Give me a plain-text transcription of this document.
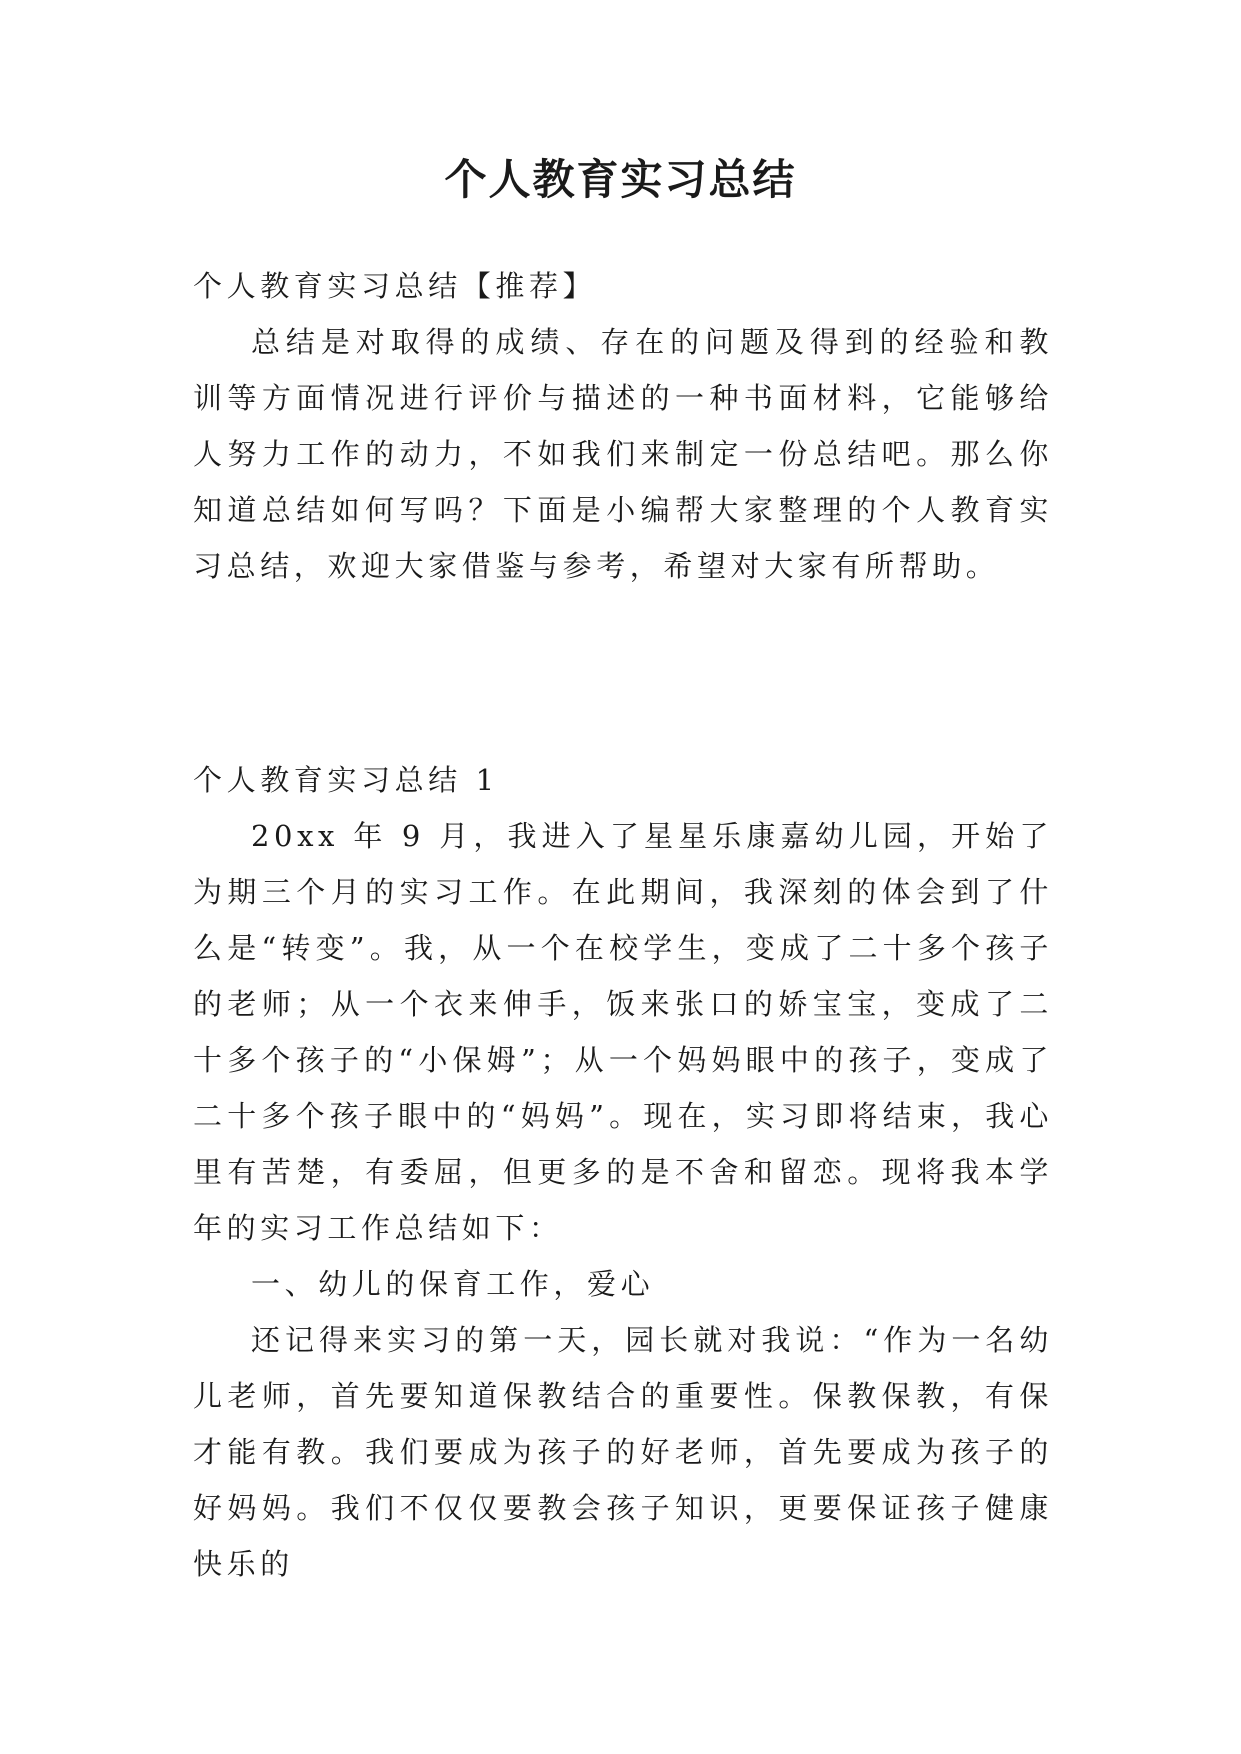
个人教育实习总结

个人教育实习总结【推荐】

总结是对取得的成绩、存在的问题及得到的经验和教训等方面情况进行评价与描述的一种书面材料，它能够给人努力工作的动力，不如我们来制定一份总结吧。那么你知道总结如何写吗？下面是小编帮大家整理的个人教育实习总结，欢迎大家借鉴与参考，希望对大家有所帮助。

个人教育实习总结 1

20xx 年 9 月，我进入了星星乐康嘉幼儿园，开始了为期三个月的实习工作。在此期间，我深刻的体会到了什么是“转变”。我，从一个在校学生，变成了二十多个孩子的老师；从一个衣来伸手，饭来张口的娇宝宝，变成了二十多个孩子的“小保姆”；从一个妈妈眼中的孩子，变成了二十多个孩子眼中的“妈妈”。现在，实习即将结束，我心里有苦楚，有委屈，但更多的是不舍和留恋。现将我本学年的实习工作总结如下：

一、幼儿的保育工作，爱心

还记得来实习的第一天，园长就对我说：“作为一名幼儿老师，首先要知道保教结合的重要性。保教保教，有保才能有教。我们要成为孩子的好老师，首先要成为孩子的好妈妈。我们不仅仅要教会孩子知识，更要保证孩子健康快乐的
